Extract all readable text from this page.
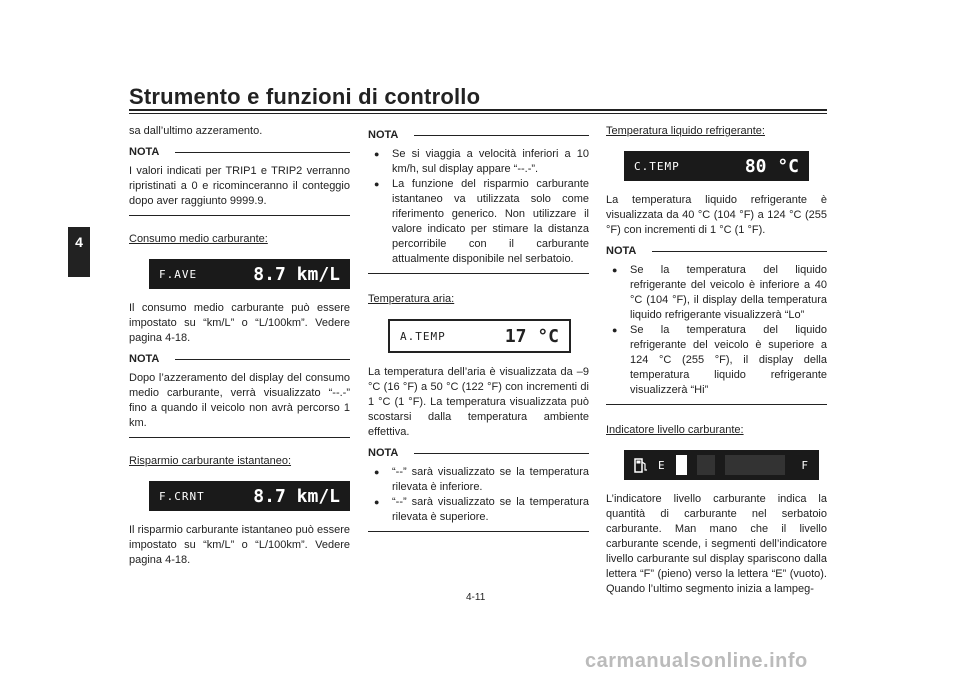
Strumento e funzioni di controllo
4

sa dall’ultimo azzeramento.

NOTA

I valori indicati per TRIP1 e TRIP2 verranno ripristinati a 0 e ricominceranno il conteggio dopo aver raggiunto 9999.9.

Consumo medio carburante:

F.AVE	8.7 km/L

Il consumo medio carburante può essere impostato su “km/L” o “L/100km”. Vedere pagina 4-18.

NOTA

Dopo l’azzeramento del display del consumo medio carburante, verrà visualizzato “--.-” fino a quando il veicolo non avrà percorso 1 km.

Risparmio carburante istantaneo:

F.CRNT	8.7 km/L

Il risparmio carburante istantaneo può essere impostato su “km/L” o “L/100km”. Vedere pagina 4-18.

NOTA
● Se si viaggia a velocità inferiori a 10 km/h, sul display appare “--.-”.
● La funzione del risparmio carburante istantaneo va utilizzata solo come riferimento generico. Non utilizzare il valore indicato per stimare la distanza percorribile con il carburante attualmente disponibile nel serbatoio.

Temperatura aria:

A.TEMP	17 °C

La temperatura dell’aria è visualizzata da –9 °C (16 °F) a 50 °C (122 °F) con incrementi di 1 °C (1 °F). La temperatura visualizzata può scostarsi dalla temperatura ambiente effettiva.

NOTA
● “--” sarà visualizzato se la temperatura rilevata è inferiore.
● “--” sarà visualizzato se la temperatura rilevata è superiore.

Temperatura liquido refrigerante:

C.TEMP	80 °C

La temperatura liquido refrigerante è visualizzata da 40 °C (104 °F) a 124 °C (255 °F) con incrementi di 1 °C (1 °F).

NOTA
● Se la temperatura del liquido refrigerante del veicolo è inferiore a 40 °C (104 °F), il display della temperatura liquido refrigerante visualizzerà “Lo”
● Se la temperatura del liquido refrigerante del veicolo è superiore a 124 °C (255 °F), il display della temperatura liquido refrigerante visualizzerà “Hi”

Indicatore livello carburante:

E	F

L’indicatore livello carburante indica la quantità di carburante nel serbatoio carburante. Man mano che il livello carburante scende, i segmenti dell’indicatore livello carburante sul display spariscono dalla lettera “F” (pieno) verso la lettera “E” (vuoto). Quando l’ultimo segmento inizia a lampeg-

4-11
carmanualsonline.info
